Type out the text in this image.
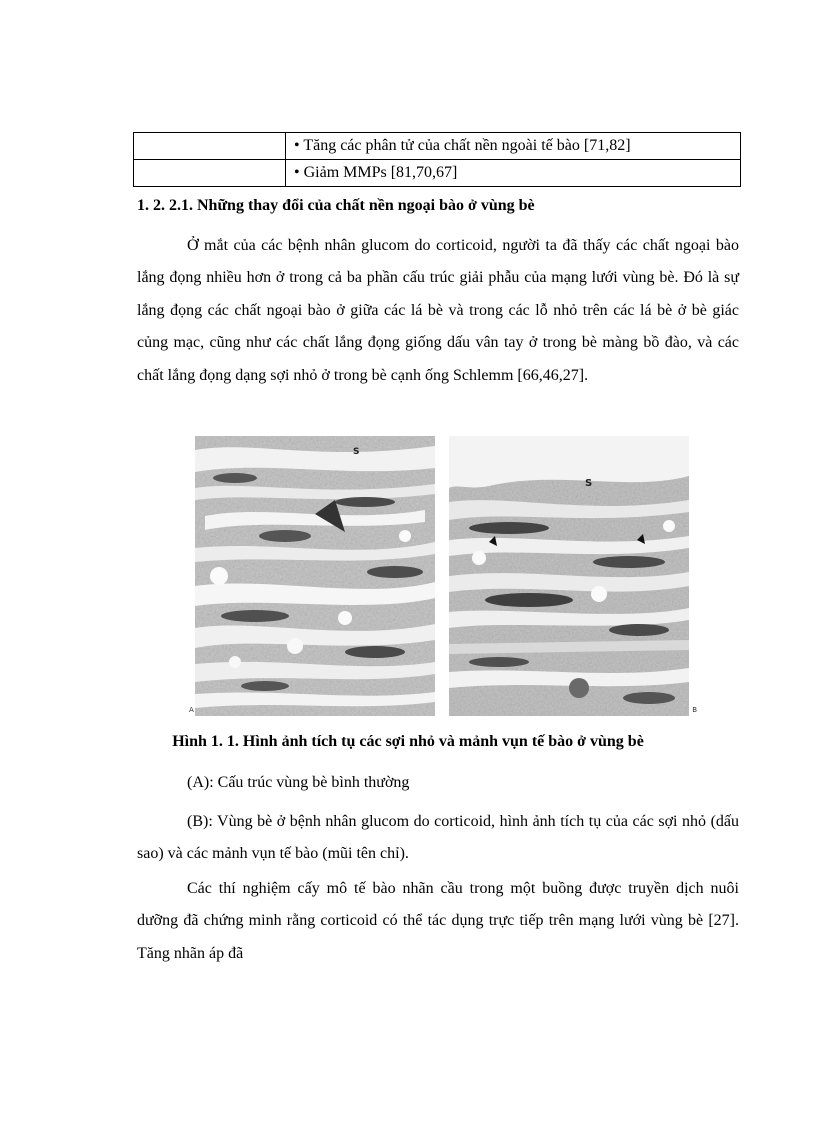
	• Tăng các phân tử của chất nền ngoài tế bào [71,82]
	• Giảm MMPs [81,70,67]
1. 2. 2.1. Những thay đổi của chất nền ngoại bào ở vùng bè
Ở mắt của các bệnh nhân glucom do corticoid, người ta đã thấy các chất ngoại bào lắng đọng nhiều hơn ở trong cả ba phần cấu trúc giải phẫu của mạng lưới vùng bè. Đó là sự lắng đọng các chất ngoại bào ở giữa các lá bè và trong các lỗ nhỏ trên các lá bè ở bè giác củng mạc, cũng như các chất lắng đọng giống dấu vân tay ở trong bè màng bồ đào, và các chất lắng đọng dạng sợi nhỏ ở trong bè cạnh ống Schlemm [66,46,27].
S
A
S
B
Hình 1. 1. Hình ảnh tích tụ các sợi nhỏ và mảnh vụn tế bào ở vùng bè
(A): Cấu trúc vùng bè bình thường
(B): Vùng bè ở bệnh nhân glucom do corticoid, hình ảnh tích tụ của các sợi nhỏ (dấu sao) và các mảnh vụn tế bào (mũi tên chỉ).
Các thí nghiệm cấy mô tế bào nhãn cầu trong một buồng được truyền dịch nuôi dưỡng đã chứng minh rằng corticoid có thể tác dụng trực tiếp trên mạng lưới vùng bè [27]. Tăng nhãn áp đã
